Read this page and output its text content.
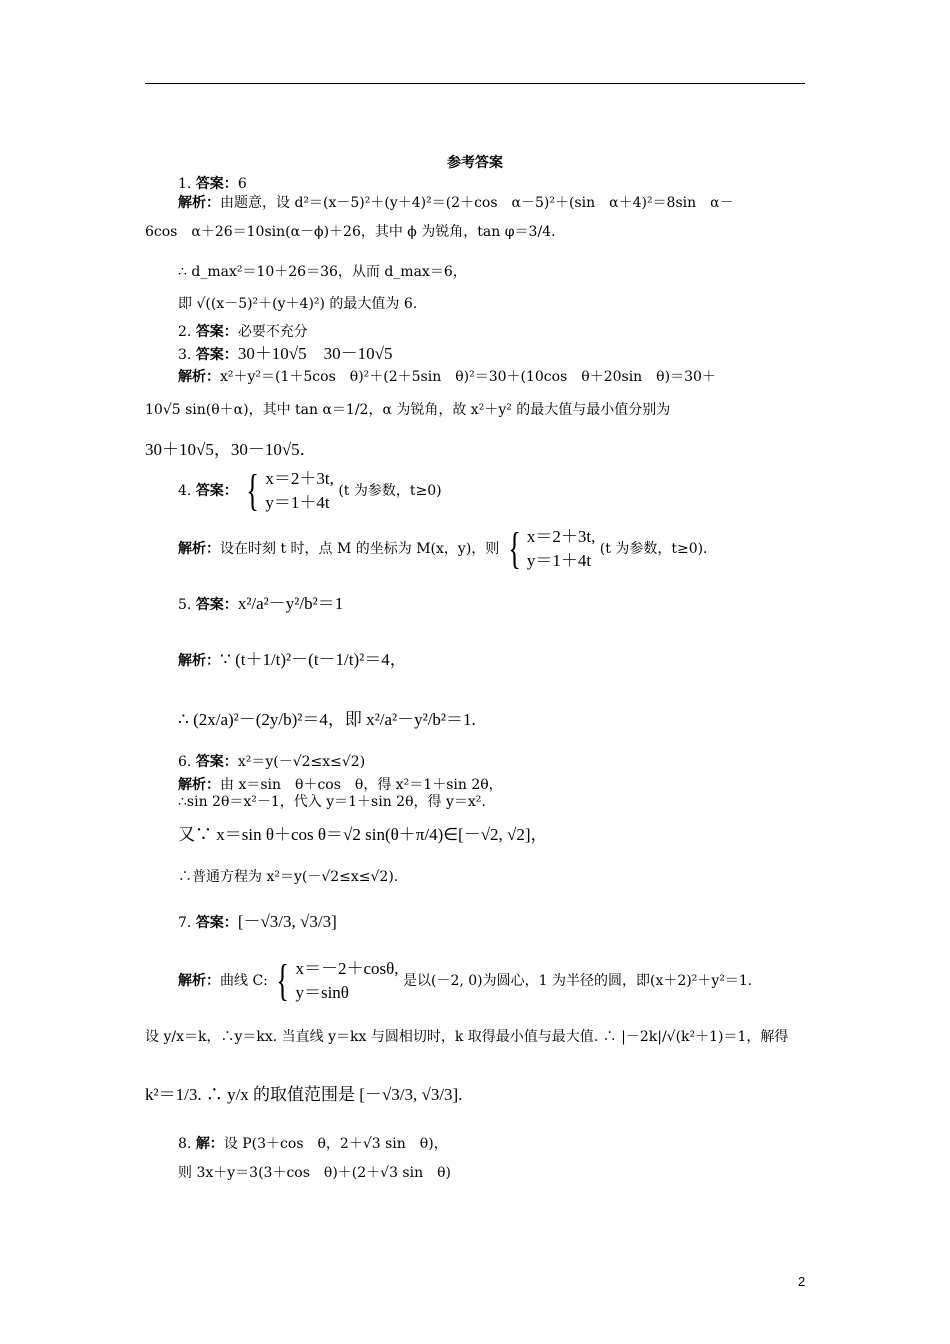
参考答案
1. 答案：6
解析：由题意，设 d²＝(x－5)²＋(y＋4)²＝(2＋cos　α－5)²＋(sin　α＋4)²＝8sin　α－
6cos　α＋26＝10sin(α－ϕ)＋26，其中 ϕ 为锐角，tan φ＝3/4．
∴ d_max²＝10＋26＝36，从而 d_max＝6，
即 √((x－5)²＋(y＋4)²) 的最大值为 6.
2. 答案：必要不充分
3. 答案：30＋10√5　30－10√5
解析：x²＋y²＝(1＋5cos　θ)²＋(2＋5sin　θ)²＝30＋(10cos　θ＋20sin　θ)＝30＋
10√5 sin(θ＋α)，其中 tan α＝1/2，α 为锐角，故 x²＋y² 的最大值与最小值分别为
30＋10√5，30－10√5．
4. 答案： { x＝2＋3t,
y＝1＋4t
(t 为参数，t≥0)
解析：设在时刻 t 时，点 M 的坐标为 M(x，y)，则 { x＝2＋3t,
y＝1＋4t
(t 为参数，t≥0)．
5. 答案：x²/a²－y²/b²＝1
解析：∵ (t＋1/t)²－(t－1/t)²＝4，
∴ (2x/a)²－(2y/b)²＝4，即 x²/a²－y²/b²＝1.
6. 答案：x²＝y(－√2≤x≤√2)
解析：由 x＝sin　θ＋cos　θ，得 x²＝1＋sin 2θ，
∴sin 2θ＝x²－1，代入 y＝1＋sin 2θ，得 y＝x².
又∵ x＝sin θ＋cos θ＝√2 sin(θ＋π/4)∈[－√2, √2]，
∴普通方程为 x²＝y(－√2≤x≤√2).
7. 答案：[－√3/3, √3/3]
解析：曲线 C: { x＝－2＋cosθ,
y＝sinθ
是以(－2, 0)为圆心，1 为半径的圆，即(x＋2)²＋y²＝1.
设 y/x＝k，∴y＝kx. 当直线 y＝kx 与圆相切时，k 取得最小值与最大值. ∴ |－2k|/√(k²＋1)＝1，解得
k²＝1/3. ∴ y/x 的取值范围是 [－√3/3, √3/3].
8. 解：设 P(3＋cos　θ，2＋√3 sin　θ)，
则 3x＋y＝3(3＋cos　θ)＋(2＋√3 sin　θ)
2
